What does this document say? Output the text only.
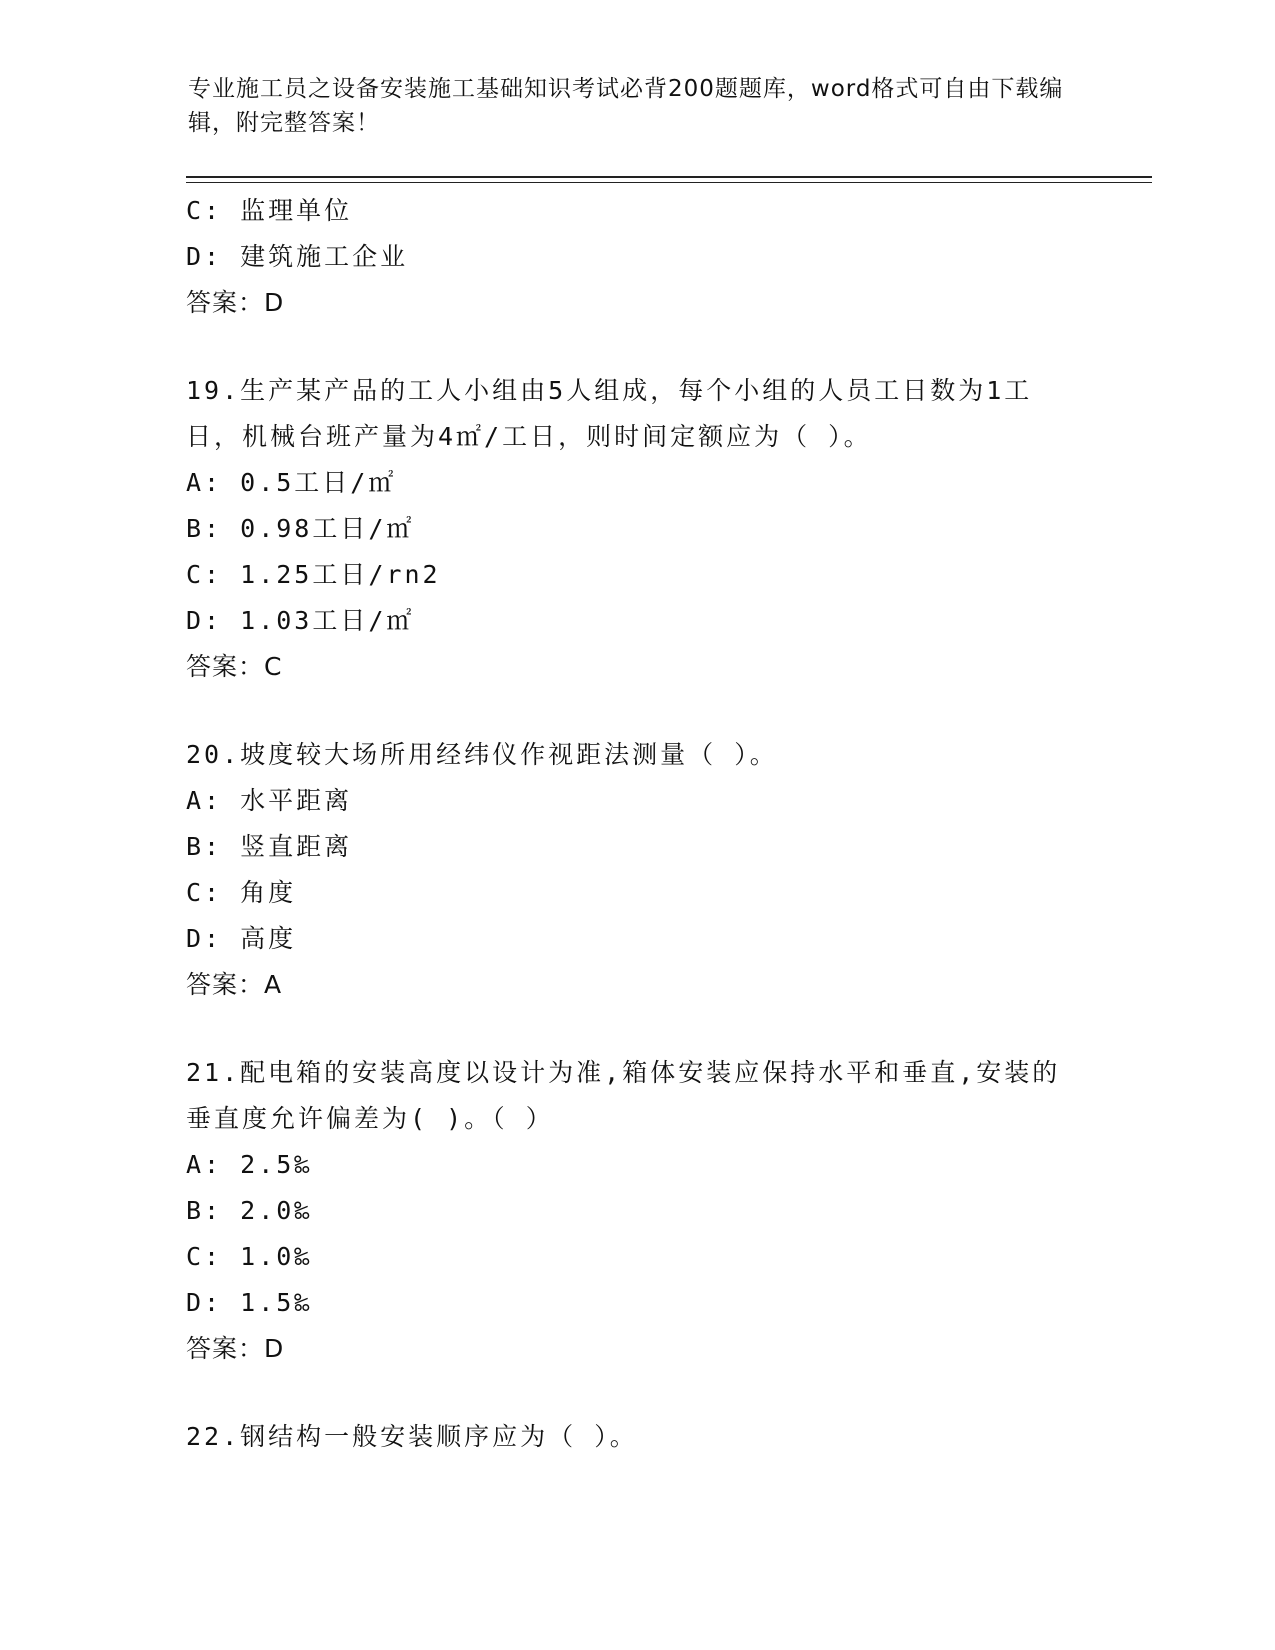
专业施工员之设备安装施工基础知识考试必背200题题库，word格式可自由下载编辑，附完整答案！
C: 监理单位
D: 建筑施工企业
答案：D
19.生产某产品的工人小组由5人组成，每个小组的人员工日数为1工日，机械台班产量为4㎡/工日，则时间定额应为（ ）。
A: 0.5工日/㎡
B: 0.98工日/㎡
C: 1.25工日/rn2
D: 1.03工日/㎡
答案：C
20.坡度较大场所用经纬仪作视距法测量（ ）。
A: 水平距离
B: 竖直距离
C: 角度
D: 高度
答案：A
21.配电箱的安装高度以设计为准,箱体安装应保持水平和垂直,安装的垂直度允许偏差为( )。（ ）
A: 2.5‰
B: 2.0‰
C: 1.0‰
D: 1.5‰
答案：D
22.钢结构一般安装顺序应为（ ）。
